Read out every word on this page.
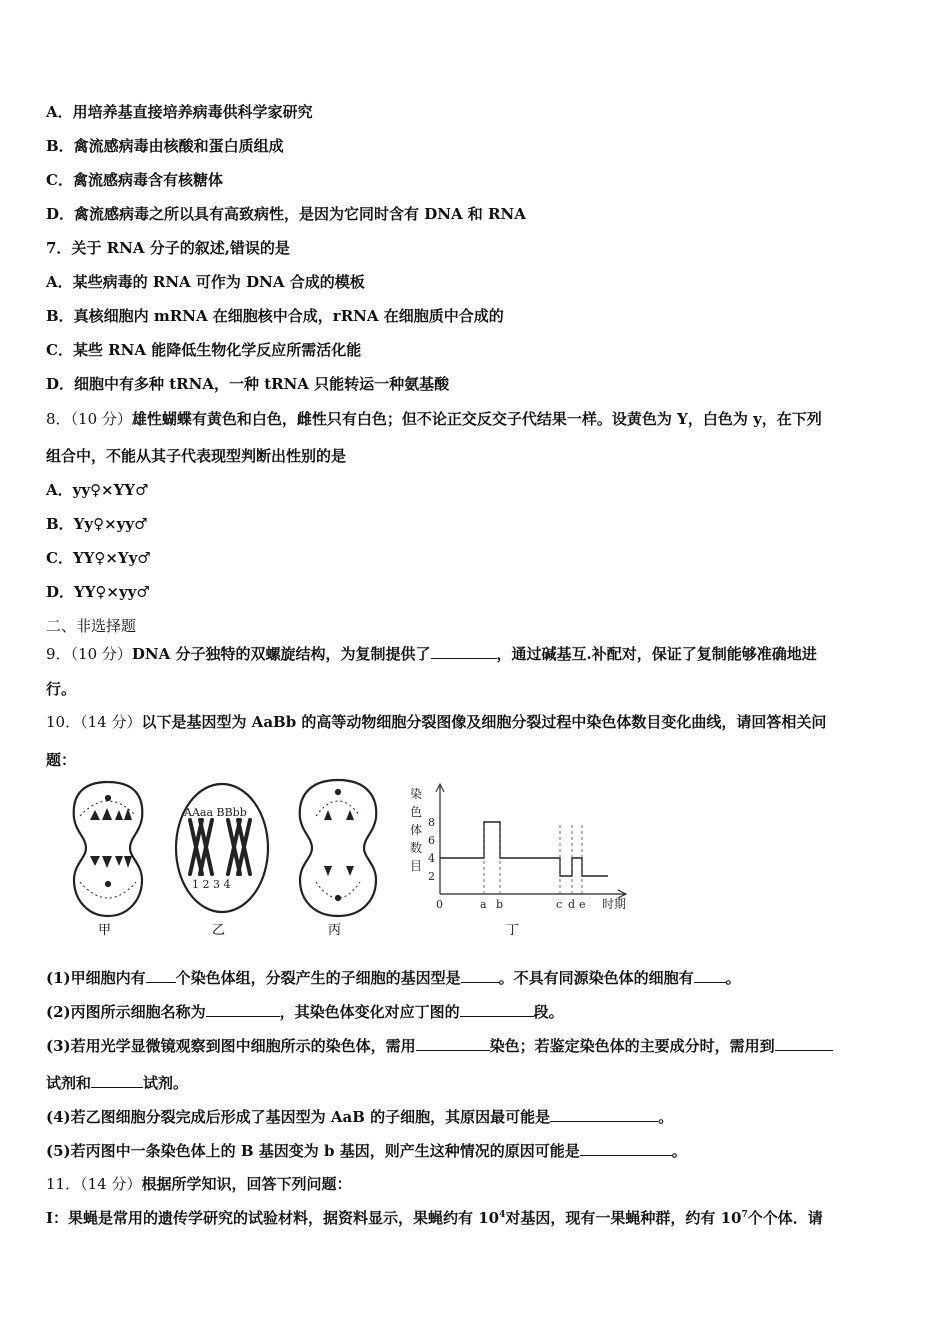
A．用培养基直接培养病毒供科学家研究
B．禽流感病毒由核酸和蛋白质组成
C．禽流感病毒含有核糖体
D．禽流感病毒之所以具有高致病性，是因为它同时含有 DNA 和 RNA
7．关于 RNA 分子的叙述,错误的是
A．某些病毒的 RNA 可作为 DNA 合成的模板
B．真核细胞内 mRNA 在细胞核中合成，rRNA 在细胞质中合成的
C．某些 RNA 能降低生物化学反应所需活化能
D．细胞中有多种 tRNA，一种 tRNA 只能转运一种氨基酸
8．（10 分）雄性蝴蝶有黄色和白色，雌性只有白色；但不论正交反交子代结果一样。设黄色为 Y，白色为 y，在下列
组合中，不能从其子代表现型判断出性别的是
A．yy♀×YY♂
B．Yy♀×yy♂
C．YY♀×Yy♂
D．YY♀×yy♂
二、非选择题
9．（10 分）DNA 分子独特的双螺旋结构，为复制提供了	，通过碱基互.补配对，保证了复制能够准确地进
行。
10．（14 分）以下是基因型为 AaBb 的高等动物细胞分裂图像及细胞分裂过程中染色体数目变化曲线，请回答相关问
题：
甲
AAaa BBbb
1 2 3 4
乙	丙
染
色
体
数
目
8
6
4
2
0	a b	c d e 时期
丁
(1)甲细胞内有 个染色体组，分裂产生的子细胞的基因型是	。不具有同源染色体的细胞有 。
(2)丙图所示细胞名称为	，其染色体变化对应丁图的	段。
(3)若用光学显微镜观察到图中细胞所示的染色体，需用	染色；若鉴定染色体的主要成分时，需用到
试剂和	试剂。
(4)若乙图细胞分裂完成后形成了基因型为 AaB 的子细胞，其原因最可能是	。
(5)若丙图中一条染色体上的 B 基因变为 b 基因，则产生这种情况的原因可能是	。
11．（14 分）根据所学知识，回答下列问题：
I：果蝇是常用的遗传学研究的试验材料，据资料显示，果蝇约有 $10^4$对基因，现有一果蝇种群，约有 $10^7$个个体．请
